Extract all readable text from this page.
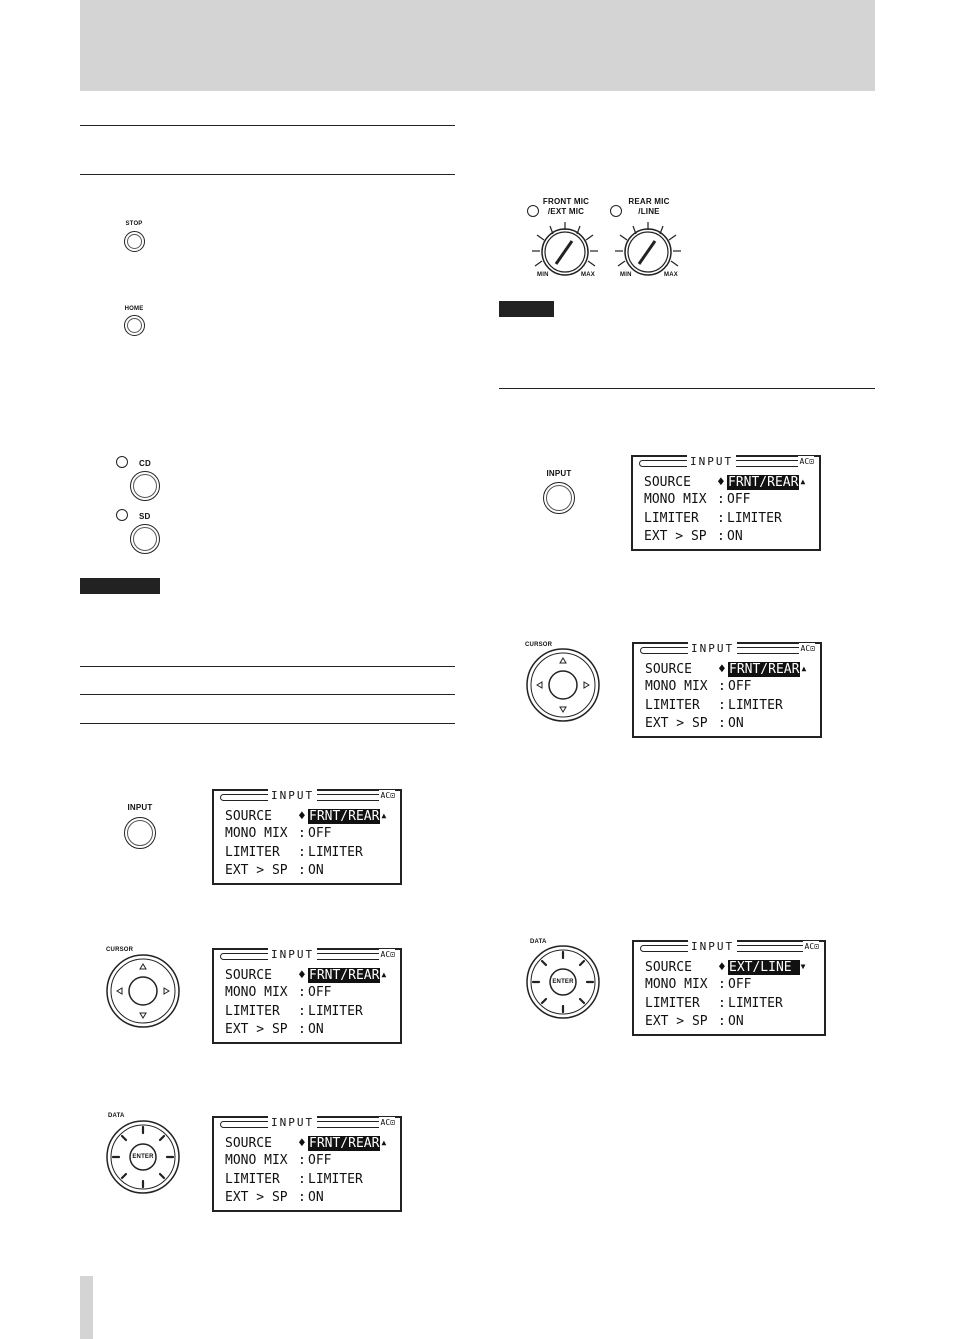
STOP
HOME
CD
SD
FRONT MIC
/EXT MIC
REAR MIC
/LINE
MIN	MAX	MIN	MAX
INPUT
CURSOR
DATA
ENTER
INPUT
CURSOR
DATA
ENTER
INPUT	AC⊡
SOURCE ♦ FRNT/REAR ▲
MONO MIX : OFF
LIMITER : LIMITER
EXT > SP : ON
INPUT	AC⊡
SOURCE ♦ FRNT/REAR ▲
MONO MIX : OFF
LIMITER : LIMITER
EXT > SP : ON
INPUT	AC⊡
SOURCE ♦ FRNT/REAR ▲
MONO MIX : OFF
LIMITER : LIMITER
EXT > SP : ON
INPUT	AC⊡
SOURCE ♦ FRNT/REAR ▲
MONO MIX : OFF
LIMITER : LIMITER
EXT > SP : ON
INPUT	AC⊡
SOURCE ♦ FRNT/REAR ▲
MONO MIX : OFF
LIMITER : LIMITER
EXT > SP : ON
INPUT	AC⊡
SOURCE ♦ EXT/LINE ▼
MONO MIX : OFF
LIMITER : LIMITER
EXT > SP : ON
